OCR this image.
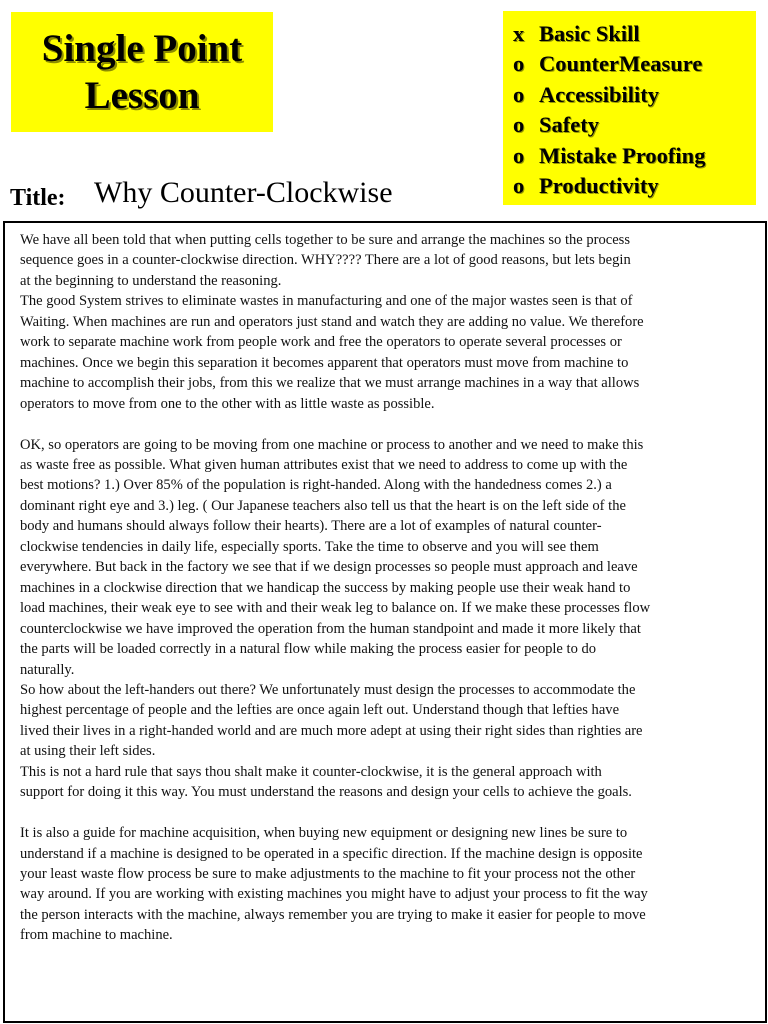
Single Point
Lesson
x Basic Skill
o CounterMeasure
o Accessibility
o Safety
o Mistake Proofing
o Productivity
Title: Why Counter-Clockwise

We have all been told that when putting cells together to be sure and arrange the machines so the process
sequence goes in a counter-clockwise direction. WHY???? There are a lot of good reasons, but lets begin
at the beginning to understand the reasoning.

The good System strives to eliminate wastes in manufacturing and one of the major wastes seen is that of
Waiting. When machines are run and operators just stand and watch they are adding no value. We therefore
work to separate machine work from people work and free the operators to operate several processes or
machines. Once we begin this separation it becomes apparent that operators must move from machine to
machine to accomplish their jobs, from this we realize that we must arrange machines in a way that allows
operators to move from one to the other with as little waste as possible.

OK, so operators are going to be moving from one machine or process to another and we need to make this
as waste free as possible. What given human attributes exist that we need to address to come up with the
best motions? 1.) Over 85% of the population is right-handed. Along with the handedness comes 2.) a
dominant right eye and 3.) leg. ( Our Japanese teachers also tell us that the heart is on the left side of the
body and humans should always follow their hearts). There are a lot of examples of natural counter-
clockwise tendencies in daily life, especially sports. Take the time to observe and you will see them
everywhere. But back in the factory we see that if we design processes so people must approach and leave
machines in a clockwise direction that we handicap the success by making people use their weak hand to
load machines, their weak eye to see with and their weak leg to balance on. If we make these processes flow
counterclockwise we have improved the operation from the human standpoint and made it more likely that
the parts will be loaded correctly in a natural flow while making the process easier for people to do
naturally.

So how about the left-handers out there? We unfortunately must design the processes to accommodate the
highest percentage of people and the lefties are once again left out. Understand though that lefties have
lived their lives in a right-handed world and are much more adept at using their right sides than righties are
at using their left sides.

This is not a hard rule that says thou shalt make it counter-clockwise, it is the general approach with
support for doing it this way. You must understand the reasons and design your cells to achieve the goals.

It is also a guide for machine acquisition, when buying new equipment or designing new lines be sure to
understand if a machine is designed to be operated in a specific direction. If the machine design is opposite
your least waste flow process be sure to make adjustments to the machine to fit your process not the other
way around. If you are working with existing machines you might have to adjust your process to fit the way
the person interacts with the machine, always remember you are trying to make it easier for people to move
from machine to machine.
